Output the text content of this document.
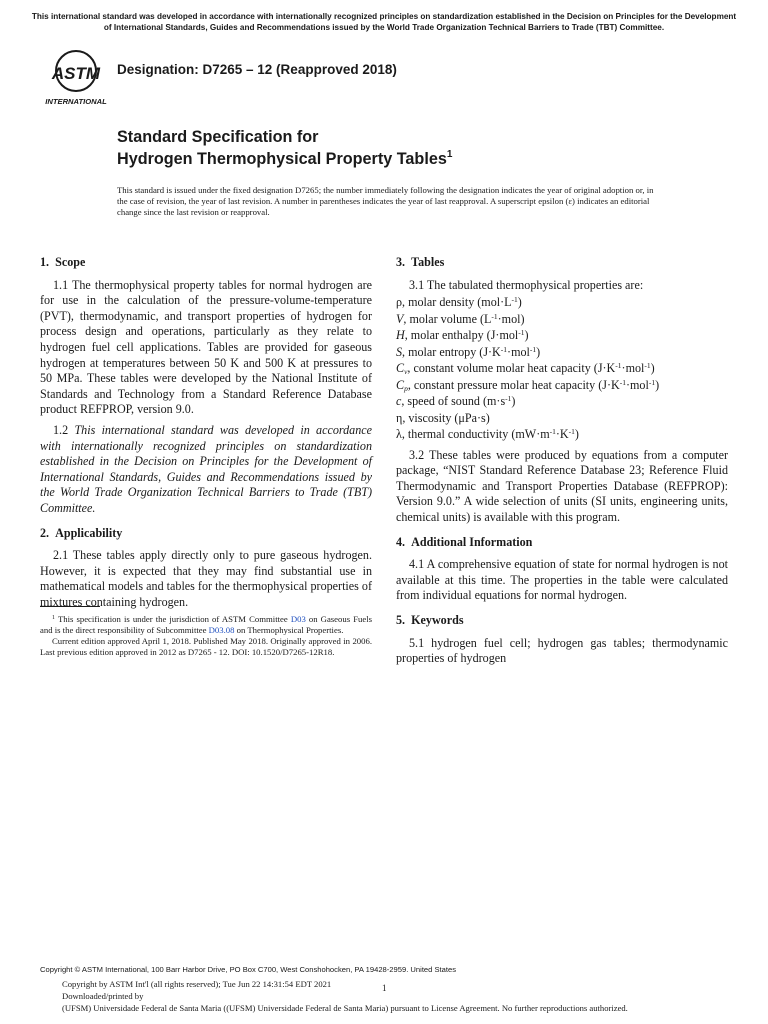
This international standard was developed in accordance with internationally recognized principles on standardization established in the Decision on Principles for the Development of International Standards, Guides and Recommendations issued by the World Trade Organization Technical Barriers to Trade (TBT) Committee.
ASTM
INTERNATIONAL
Designation: D7265 – 12 (Reapproved 2018)
Standard Specification for
Hydrogen Thermophysical Property Tables$^1$
This standard is issued under the fixed designation D7265; the number immediately following the designation indicates the year of original adoption or, in the case of revision, the year of last revision. A number in parentheses indicates the year of last reapproval. A superscript epsilon (ε) indicates an editorial change since the last revision or reapproval.
1. Scope

1.1 The thermophysical property tables for normal hydrogen are for use in the calculation of the pressure-volume-temperature (PVT), thermodynamic, and transport properties of hydrogen for process design and operations, particularly as they relate to hydrogen fuel cell applications. Tables are provided for gaseous hydrogen at temperatures between 50 K and 500 K at pressures to 50 MPa. These tables were developed by the National Institute of Standards and Technology from a Standard Reference Database product REFPROP, version 9.0.

1.2 This international standard was developed in accordance with internationally recognized principles on standardization established in the Decision on Principles for the Development of International Standards, Guides and Recommendations issued by the World Trade Organization Technical Barriers to Trade (TBT) Committee.

2. Applicability

2.1 These tables apply directly only to pure gaseous hydrogen. However, it is expected that they may find substantial use in mathematical models and tables for the thermophysical properties of mixtures containing hydrogen.

$^1$ This specification is under the jurisdiction of ASTM Committee D03 on Gaseous Fuels and is the direct responsibility of Subcommittee D03.08 on Thermophysical Properties.

Current edition approved April 1, 2018. Published May 2018. Originally approved in 2006. Last previous edition approved in 2012 as D7265 - 12. DOI: 10.1520/D7265-12R18.

3. Tables

3.1 The tabulated thermophysical properties are:

ρ, molar density $(mol\cdot L^{-1})$
V, molar volume $(L^{-1}\cdot mol)$
H, molar enthalpy (J·mol$^{-1}$)
S, molar entropy $(J\cdot K^{-1}\cdot mol^{-1})$
$C_v$, constant volume molar heat capacity $(J\cdot K^{-1}\cdot mol^{-1})$
$C_p$, constant pressure molar heat capacity $(J\cdot K^{-1}\cdot mol^{-1})$
c, speed of sound $(m\cdot s^{-1})$
η, viscosity (μPa·s)
λ, thermal conductivity $(mW\cdot m^{-1}\cdot K^{-1})$

3.2 These tables were produced by equations from a computer package, “NIST Standard Reference Database 23; Reference Fluid Thermodynamic and Transport Properties Database (REFPROP): Version 9.0.” A wide selection of units (SI units, engineering units, chemical units) is available with this program.

4. Additional Information

4.1 A comprehensive equation of state for normal hydrogen is not available at this time. The properties in the table were calculated from individual equations for normal hydrogen.

5. Keywords

5.1 hydrogen fuel cell; hydrogen gas tables; thermodynamic properties of hydrogen

Copyright © ASTM International, 100 Barr Harbor Drive, PO Box C700, West Conshohocken, PA 19428-2959. United States
Copyright by ASTM Int'l (all rights reserved); Tue Jun 22 14:31:54 EDT 2021
Downloaded/printed by
(UFSM) Universidade Federal de Santa Maria ((UFSM) Universidade Federal de Santa Maria) pursuant to License Agreement. No further reproductions authorized.
1
